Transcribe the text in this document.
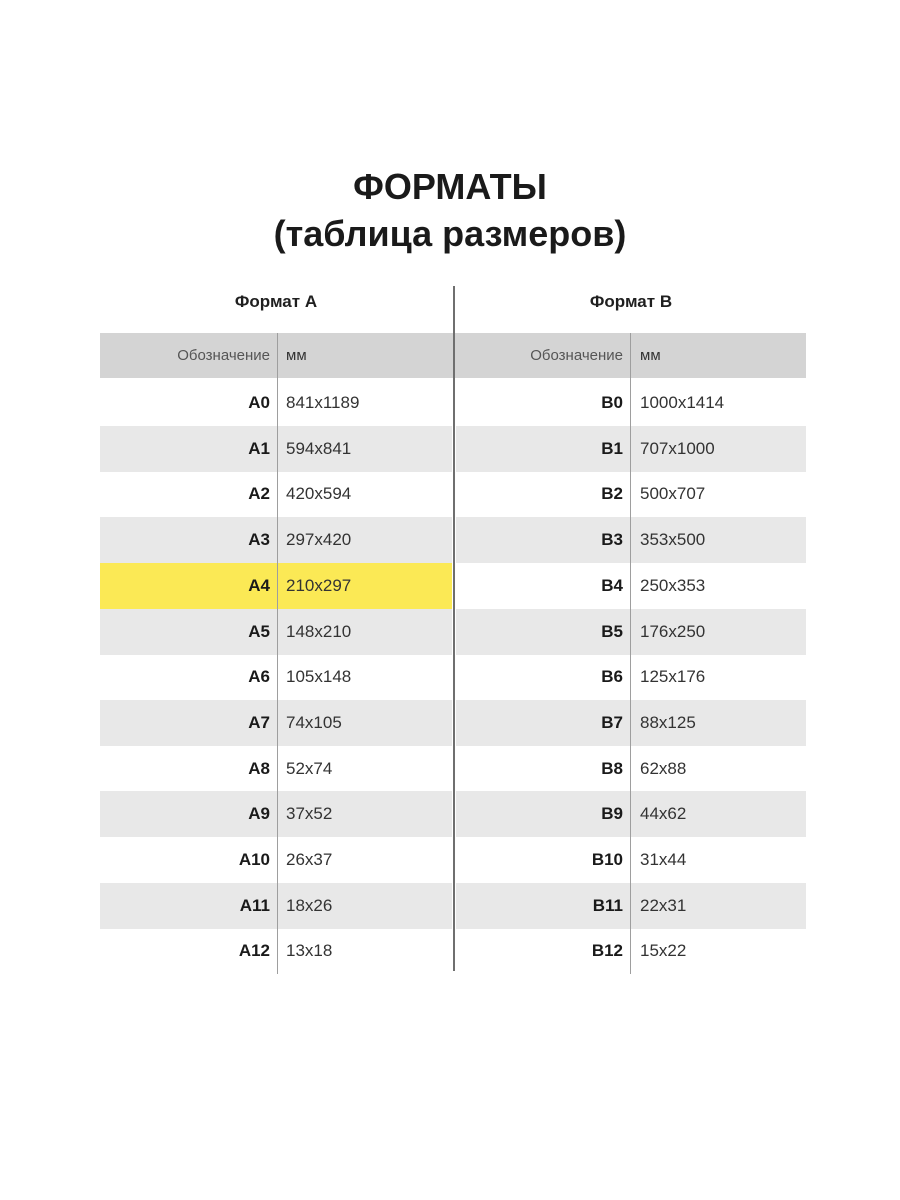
ФОРМАТЫ
(таблица размеров)
Формат А	Формат В
Обозначение мм	Обозначение мм
А0 841x1189
А1 594x841
А2 420x594
А3 297x420
А4 210x297
А5 148x210
А6 105x148
А7 74x105
А8 52x74
А9 37x52
А10 26x37
А11 18x26
А12 13x18
В0 1000x1414
В1 707x1000
В2 500x707
В3 353x500
В4 250x353
В5 176x250
В6 125x176
В7 88x125
В8 62x88
В9 44x62
В10 31x44
В11 22x31
В12 15x22
